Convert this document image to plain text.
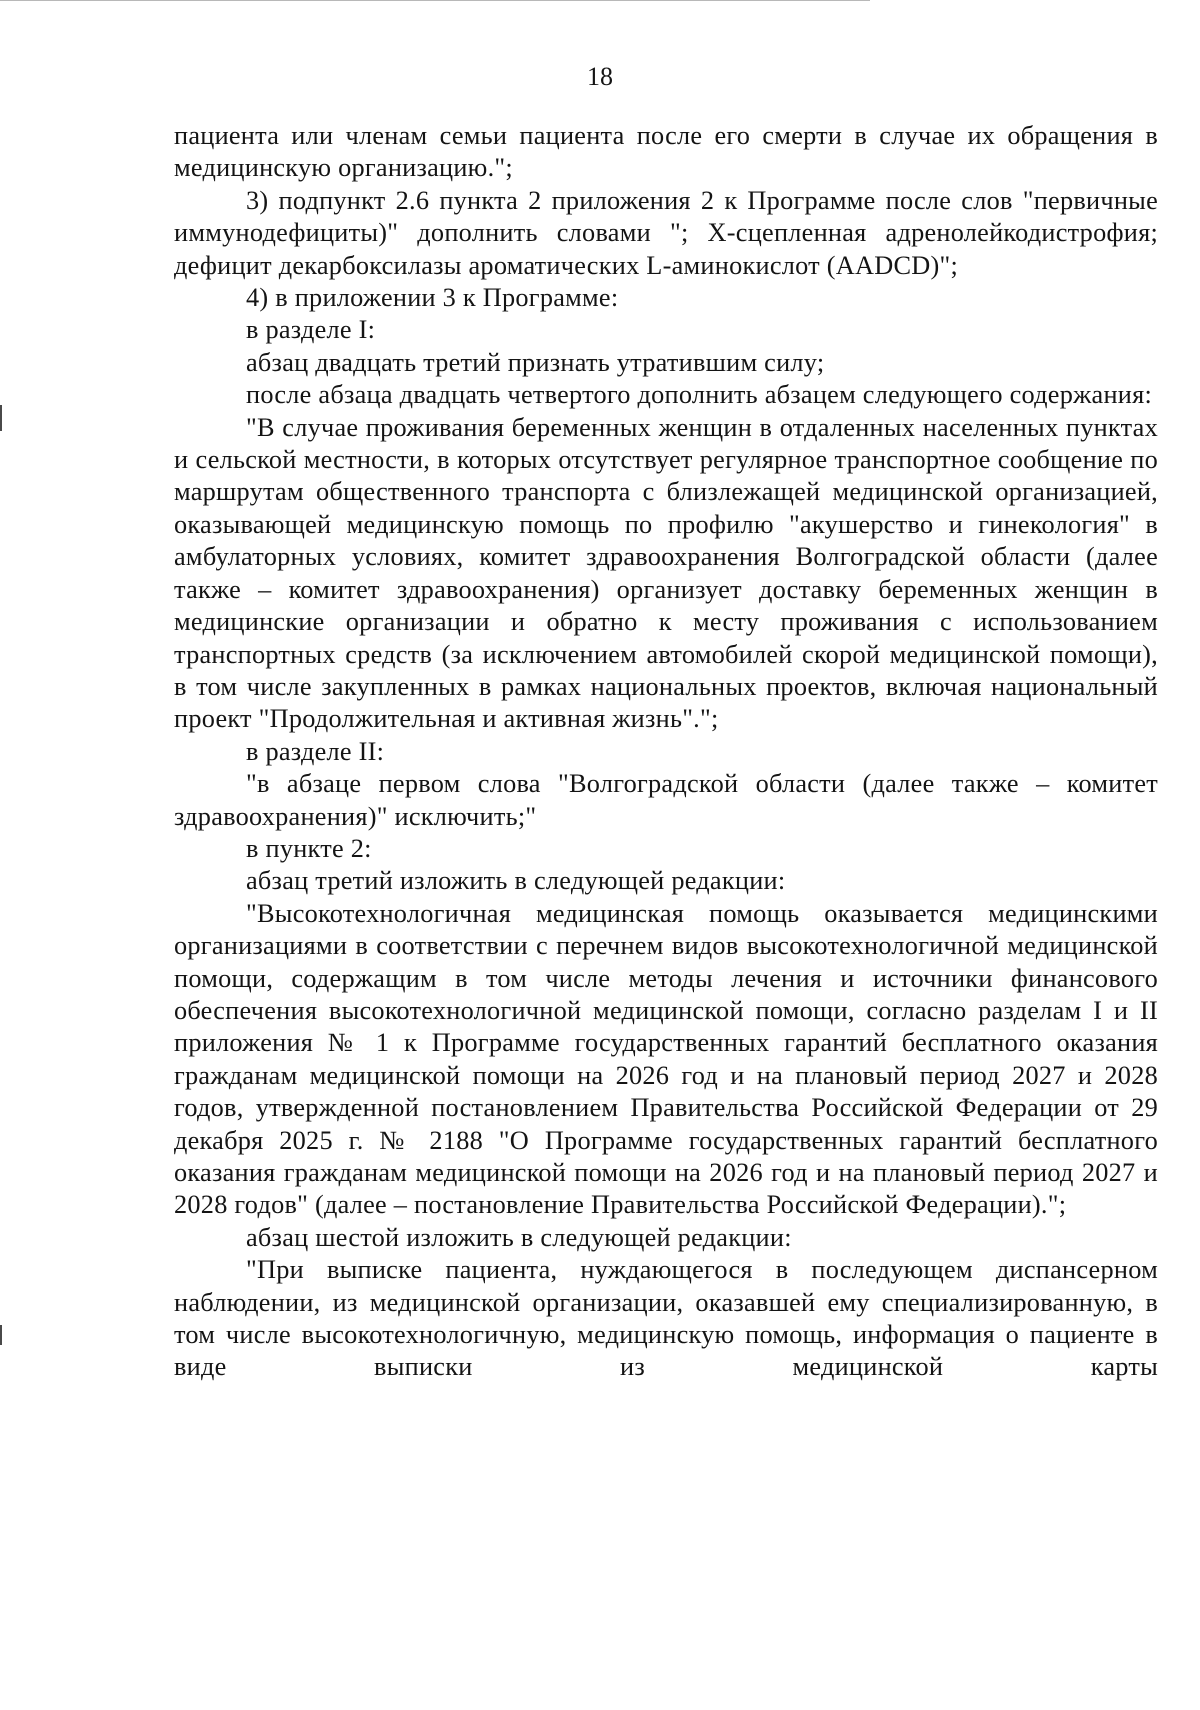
18

пациента или членам семьи пациента после его смерти в случае их обращения в медицинскую организацию.";

3) подпункт 2.6 пункта 2 приложения 2 к Программе после слов "первичные иммунодефициты)" дополнить словами "; Х-сцепленная адренолейкодистрофия; дефицит декарбоксилазы ароматических L-аминокислот (AADCD)";

4) в приложении 3 к Программе:

в разделе I:

абзац двадцать третий признать утратившим силу;

после абзаца двадцать четвертого дополнить абзацем следующего содержания:

"В случае проживания беременных женщин в отдаленных населенных пунктах и сельской местности, в которых отсутствует регулярное транспортное сообщение по маршрутам общественного транспорта с близлежащей медицинской организацией, оказывающей медицинскую помощь по профилю "акушерство и гинекология" в амбулаторных условиях, комитет здравоохранения Волгоградской области (далее также – комитет здравоохранения) организует доставку беременных женщин в медицинские организации и обратно к месту проживания с использованием транспортных средств (за исключением автомобилей скорой медицинской помощи), в том числе закупленных в рамках национальных проектов, включая национальный проект "Продолжительная и активная жизнь".";

в разделе II:

"в абзаце первом слова "Волгоградской области (далее также – комитет здравоохранения)" исключить;"

в пункте 2:

абзац третий изложить в следующей редакции:

"Высокотехнологичная медицинская помощь оказывается медицинскими организациями в соответствии с перечнем видов высокотехнологичной медицинской помощи, содержащим в том числе методы лечения и источники финансового обеспечения высокотехнологичной медицинской помощи, согласно разделам I и II приложения № 1 к Программе государственных гарантий бесплатного оказания гражданам медицинской помощи на 2026 год и на плановый период 2027 и 2028 годов, утвержденной постановлением Правительства Российской Федерации от 29 декабря 2025 г. № 2188 "О Программе государственных гарантий бесплатного оказания гражданам медицинской помощи на 2026 год и на плановый период 2027 и 2028 годов" (далее – постановление Правительства Российской Федерации).";

абзац шестой изложить в следующей редакции:

"При выписке пациента, нуждающегося в последующем диспансерном наблюдении, из медицинской организации, оказавшей ему специализированную, в том числе высокотехнологичную, медицинскую помощь, информация о пациенте в виде выписки из медицинской карты
